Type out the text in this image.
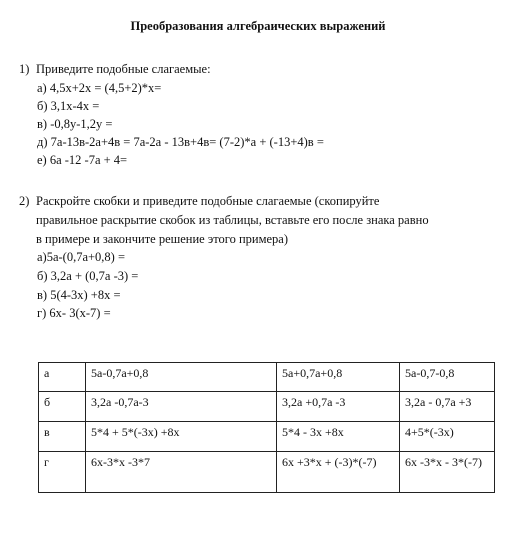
Преобразования алгебраических выражений
1) Приведите подобные слагаемые:
а) 4,5х+2х = (4,5+2)*х=
б) 3,1х-4х =
в) -0,8у-1,2у =
д) 7а-13в-2а+4в = 7а-2а - 13в+4в= (7-2)*а + (-13+4)в =
е) 6а -12 -7а + 4=
2) Раскройте скобки и приведите подобные слагаемые (скопируйте
правильное раскрытие скобок из таблицы, вставьте его после знака равно
в примере и закончите решение этого примера)
а)5а-(0,7а+0,8) =
б) 3,2а + (0,7а -3) =
в) 5(4-3х) +8х =
г) 6х- 3(х-7) =
а	5а-0,7а+0,8	5а+0,7а+0,8	5а-0,7-0,8
б	3,2а -0,7а-3	3,2а +0,7а -3	3,2а - 0,7а +3
в	5*4 + 5*(-3х) +8х	5*4 - 3х +8х	4+5*(-3х)
г	6х-3*х -3*7	6х +3*х + (-3)*(-7)	6х -3*х - 3*(-7)
